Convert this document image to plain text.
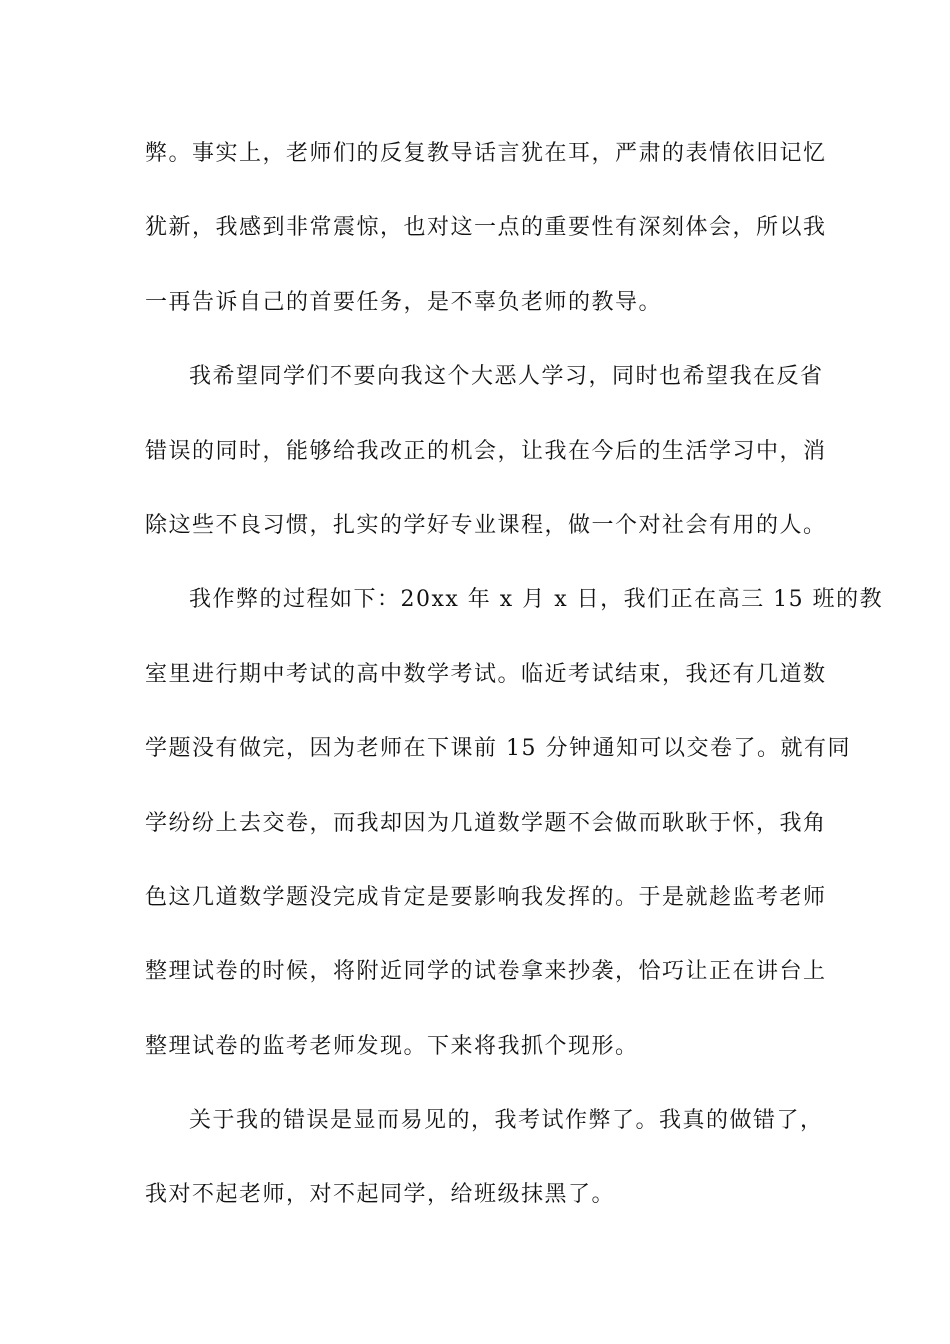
弊。事实上，老师们的反复教导话言犹在耳，严肃的表情依旧记忆
犹新，我感到非常震惊，也对这一点的重要性有深刻体会，所以我
一再告诉自己的首要任务，是不辜负老师的教导。
我希望同学们不要向我这个大恶人学习，同时也希望我在反省
错误的同时，能够给我改正的机会，让我在今后的生活学习中，消
除这些不良习惯，扎实的学好专业课程，做一个对社会有用的人。
我作弊的过程如下：20xx 年 x 月 x 日，我们正在高三 15 班的教
室里进行期中考试的高中数学考试。临近考试结束，我还有几道数
学题没有做完，因为老师在下课前 15 分钟通知可以交卷了。就有同
学纷纷上去交卷，而我却因为几道数学题不会做而耿耿于怀，我角
色这几道数学题没完成肯定是要影响我发挥的。于是就趁监考老师
整理试卷的时候，将附近同学的试卷拿来抄袭，恰巧让正在讲台上
整理试卷的监考老师发现。下来将我抓个现形。
关于我的错误是显而易见的，我考试作弊了。我真的做错了，
我对不起老师，对不起同学，给班级抹黑了。
